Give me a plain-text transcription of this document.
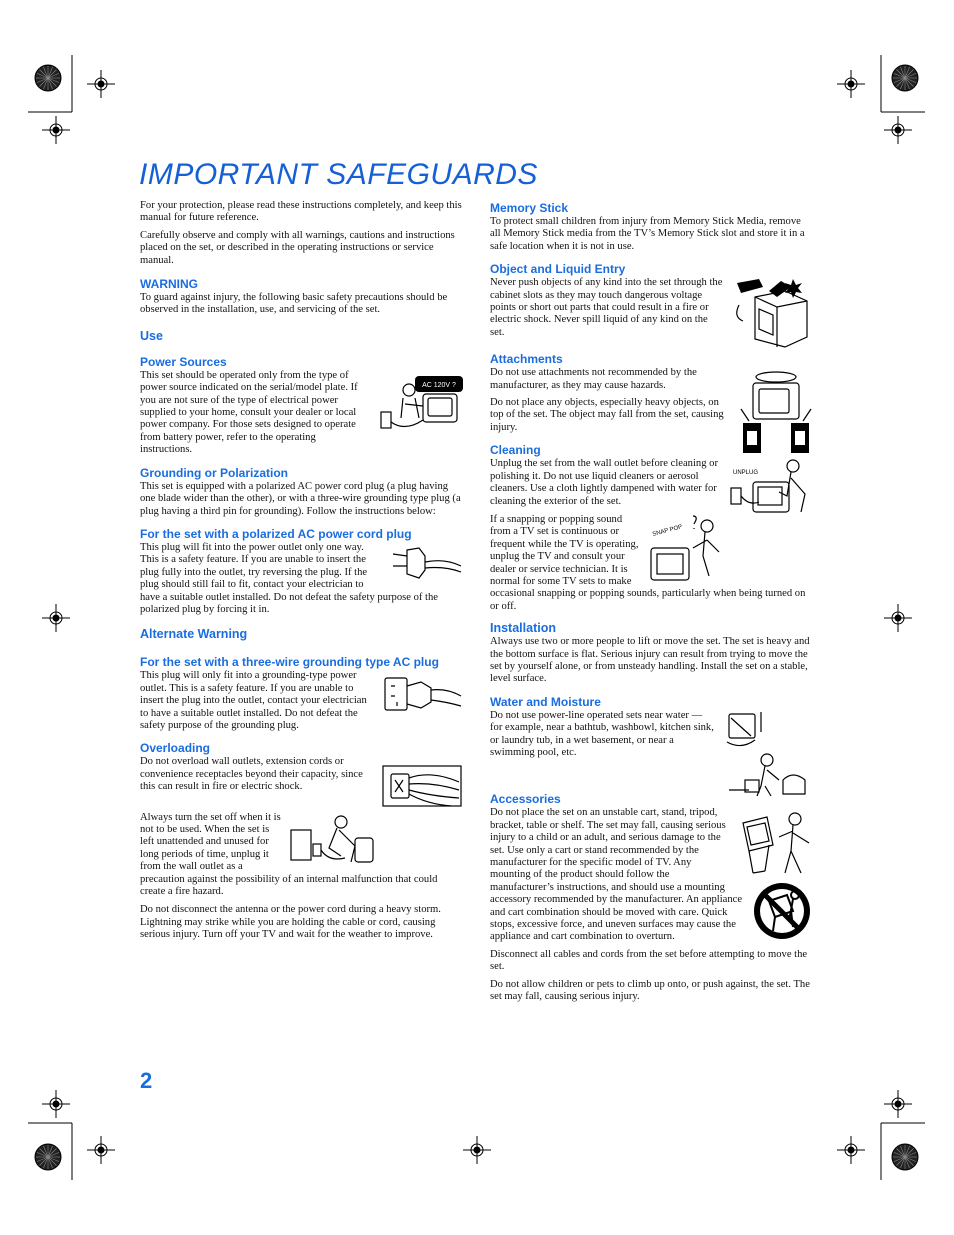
IMPORTANT SAFEGUARDS

For your protection, please read these instructions completely, and keep this manual for future reference.

Carefully observe and comply with all warnings, cautions and instructions placed on the set, or described in the operating instructions or service manual.

WARNING

To guard against injury, the following basic safety precautions should be observed in the installation, use, and servicing of the set.

Use
Power Sources
AC 120V ?

This set should be operated only from the type of power source indicated on the serial/model plate. If you are not sure of the type of electrical power supplied to your home, consult your dealer or local power company. For those sets designed to operate from battery power, refer to the operating instructions.

Grounding or Polarization

This set is equipped with a polarized AC power cord plug (a plug having one blade wider than the other), or with a three-wire grounding type plug (a plug having a third pin for grounding). Follow the instructions below:

For the set with a polarized AC power cord plug

This plug will fit into the power outlet only one way. This is a safety feature. If you are unable to insert the plug fully into the outlet, try reversing the plug. If the plug should still fail to fit, contact your electrician to have a suitable outlet installed. Do not defeat the safety purpose of the polarized plug by forcing it in.

Alternate Warning
For the set with a three-wire grounding type AC plug

This plug will only fit into a grounding-type power outlet. This is a safety feature. If you are unable to insert the plug into the outlet, contact your electrician to have a suitable outlet installed. Do not defeat the safety purpose of the grounding plug.

Overloading

Do not overload wall outlets, extension cords or convenience receptacles beyond their capacity, since this can result in fire or electric shock.

Always turn the set off when it is not to be used. When the set is left unattended and unused for long periods of time, unplug it from the wall outlet as a precaution against the possibility of an internal malfunction that could create a fire hazard.

Do not disconnect the antenna or the power cord during a heavy storm. Lightning may strike while you are holding the cable or cord, causing serious injury. Turn off your TV and wait for the weather to improve.

Memory Stick

To protect small children from injury from Memory Stick Media, remove all Memory Stick media from the TV’s Memory Stick slot and store it in a safe location when it is not in use.

Object and Liquid Entry

Never push objects of any kind into the set through the cabinet slots as they may touch dangerous voltage points or short out parts that could result in a fire or electric shock. Never spill liquid of any kind on the set.

Attachments

Do not use attachments not recommended by the manufacturer, as they may cause hazards.

Do not place any objects, especially heavy objects, on top of the set. The object may fall from the set, causing injury.

Cleaning
UNPLUG

Unplug the set from the wall outlet before cleaning or polishing it. Do not use liquid cleaners or aerosol cleaners. Use a cloth lightly dampened with water for cleaning the exterior of the set.

SNAP POP

If a snapping or popping sound from a TV set is continuous or frequent while the TV is operating, unplug the TV and consult your dealer or service technician. It is normal for some TV sets to make occasional snapping or popping sounds, particularly when being turned on or off.

Installation

Always use two or more people to lift or move the set. The set is heavy and the bottom surface is flat. Serious injury can result from trying to move the set by yourself alone, or from unsteady handling. Install the set on a stable, level surface.

Water and Moisture

Do not use power-line operated sets near water — for example, near a bathtub, washbowl, kitchen sink, or laundry tub, in a wet basement, or near a swimming pool, etc.

Accessories

Do not place the set on an unstable cart, stand, tripod, bracket, table or shelf. The set may fall, causing serious injury to a child or an adult, and serious damage to the set. Use only a cart or stand recommended by the manufacturer for the specific model of TV. Any mounting of the product should follow the manufacturer’s instructions, and should use a mounting accessory recommended by the manufacturer. An appliance and cart combination should be moved with care. Quick stops, excessive force, and uneven surfaces may cause the appliance and cart combination to overturn.

Disconnect all cables and cords from the set before attempting to move the set.

Do not allow children or pets to climb up onto, or push against, the set. The set may fall, causing serious injury.

2
